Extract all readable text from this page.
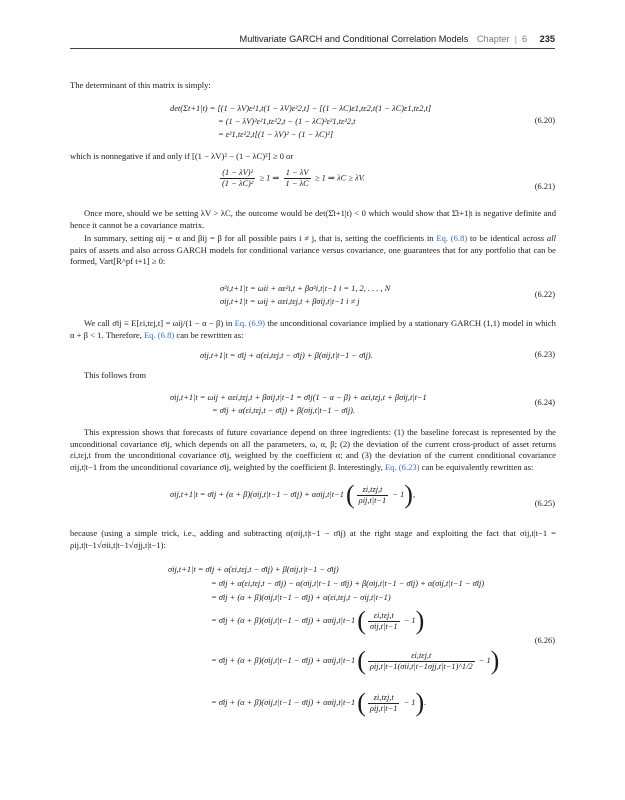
Multivariate GARCH and Conditional Correlation Models Chapter | 6 235
The determinant of this matrix is simply:
det(Σt+1|t) = [(1 − λV)ε²1,t(1 − λV)ε²2,t] − [(1 − λC)ε1,tε2,t(1 − λC)ε1,tε2,t]
= (1 − λV)²ε²1,tε²2,t − (1 − λC)²ε²1,tε²2,t
= ε²1,tε²2,t[(1 − λV)² − (1 − λC)²]
(6.20)
which is nonnegative if and only if [(1 − λV)² − (1 − λC)²] ≥ 0 or
$\frac{\text{(1 − λV)²}}{\text{(1 − λC)²}} \ge 1$ ⇒ $\frac{1 - \lambda V}{1 - \lambda C} \ge 1$ ⇒ λC ≥ λV.
(6.21)
Once more, should we be setting λV > λC, the outcome would be det(Σ̂t+1|t) < 0 which would show that Σ̂t+1|t is negative definite and hence it cannot be a covariance matrix.
In summary, setting αij = α and βij = β for all possible pairs i ≠ j, that is, setting the coefficients in Eq. (6.8) to be identical across all pairs of assets and also across GARCH models for conditional variance versus covariance, one guarantees that for any portfolio that can be formed, Vart[R^pf t+1] ≥ 0:
σ²i,t+1|t = ωii + αε²i,t + βσ²i,t|t−1 i = 1, 2, . . . , N
σij,t+1|t = ωij + αεi,tεj,t + βσij,t|t−1 i ≠ j
(6.22)
We call σ̄ij ≡ E[εi,tεj,t] = ωij/(1 − α − β) in Eq. (6.9) the unconditional covariance implied by a stationary GARCH (1,1) model in which α + β < 1. Therefore, Eq. (6.8) can be rewritten as:
σij,t+1|t = σ̄ij + α(εi,tεj,t − σ̄ij) + β(σij,t|t−1 − σ̄ij).	(6.23)
This follows from
σij,t+1|t = ωij + αεi,tεj,t + βσij,t|t−1 = σ̄ij(1 − α − β) + αεi,tεj,t + βσij,t|t−1
= σ̄ij + α(εi,tεj,t − σ̄ij) + β(σij,t|t−1 − σ̄ij).
(6.24)
This expression shows that forecasts of future covariance depend on three ingredients: (1) the baseline forecast is represented by the unconditional covariance σ̄ij, which depends on all the parameters, ω, α, β; (2) the deviation of the current cross-product of asset returns εi,tεj,t from the unconditional covariance σ̄ij, weighted by the coefficient α; and (3) the deviation of the current conditional covariance σij,t|t−1 from the unconditional covariance σ̄ij, weighted by the coefficient β. Interestingly, Eq. (6.23) can be equivalently rewritten as:
σij,t+1|t = σ̄ij + (α + β)(σij,t|t−1 − σ̄ij) + ασij,t|t−1 ( $\frac{\text{zi,tzj,t}}{\text{ρij,t|t−1}} - 1$),
(6.25)
because (using a simple trick, i.e., adding and subtracting α(σij,t|t−1 − σ̄ij) at the right stage and exploiting the fact that σij,t|t−1 = ρij,t|t−1√σii,t|t−1√σjj,t|t−1):
σij,t+1|t = σ̄ij + α(εi,tεj,t − σ̄ij) + β(σij,t|t−1 − σ̄ij)
= σ̄ij + α(εi,tεj,t − σ̄ij) − α(σij,t|t−1 − σ̄ij) + β(σij,t|t−1 − σ̄ij) + α(σij,t|t−1 − σ̄ij)
= σ̄ij + (α + β)(σij,t|t−1 − σ̄ij) + α(εi,tεj,t − σij,t|t−1)
= σ̄ij + (α + β)(σij,t|t−1 − σ̄ij) + ασij,t|t−1 ( $\frac{\text{εi,tεj,t}}{\text{σij,t|t−1}} - 1$)
= σ̄ij + (α + β)(σij,t|t−1 − σ̄ij) + ασij,t|t−1 ( $\frac{\text{εi,tεj,t}}{\text{ρij,t|t−1(σii,t|t−1σjj,t|t−1)\textasciicircum{}1/2}} - 1$)
= σ̄ij + (α + β)(σij,t|t−1 − σ̄ij) + ασij,t|t−1 ( $\frac{\text{zi,tzj,t}}{\text{ρij,t|t−1}} - 1$).
(6.26)
